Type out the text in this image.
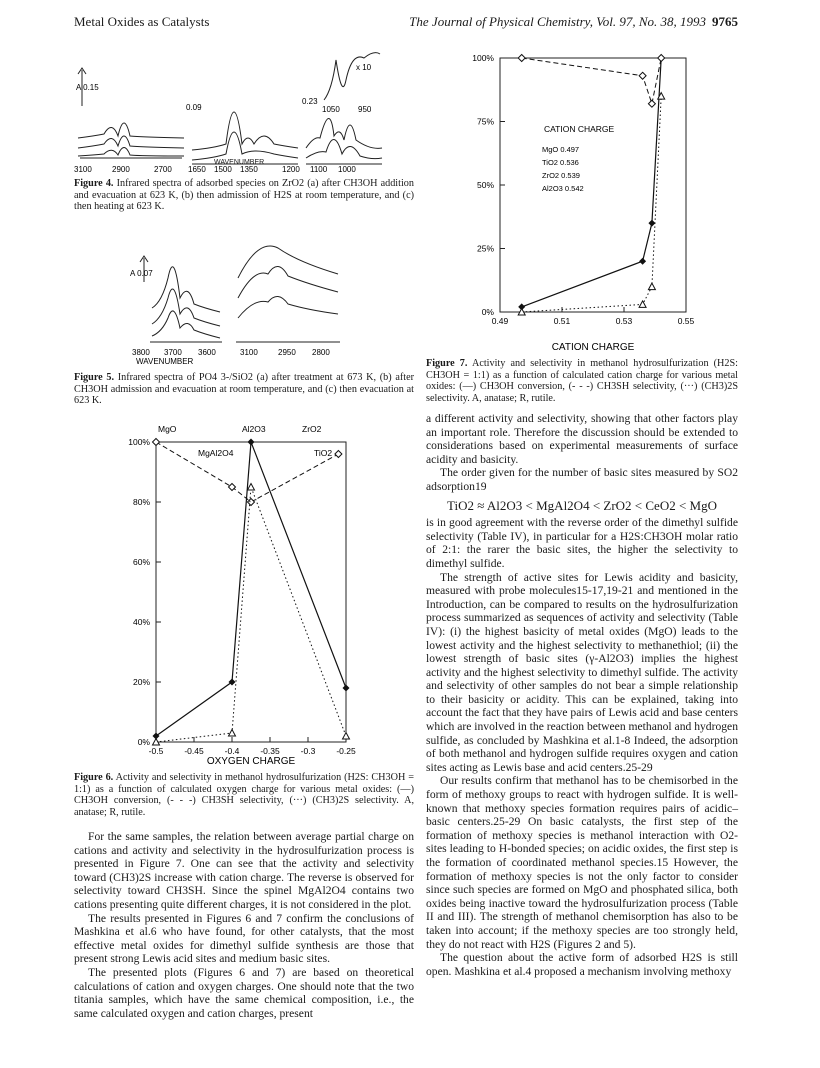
Metal Oxides as Catalysts	The Journal of Physical Chemistry, Vol. 97, No. 38, 1993 9765
A 0.15
0.09
0.23
x 10
3100	2900	2700 1650 1500 1350	1200 1100 1000
1050 950
WAVENUMBER
Figure 4. Infrared spectra of adsorbed species on ZrO2 (a) after CH3OH addition and evacuation at 623 K, (b) then admission of H2S at room temperature, and (c) then heating at 623 K.
A 0.07
3800 3700 3600	3100	2950 2800
WAVENUMBER
Figure 5. Infrared spectra of PO4 3-/SiO2 (a) after treatment at 673 K, (b) after CH3OH admission and evacuation at room temperature, and (c) then evacuation at 623 K.
0%
20%
40%
60%
80%
100%
-0.5 -0.45 -0.4 -0.35 -0.3 -0.25
OXYGEN CHARGE
MgO	Al2O3	ZrO2
MgAl2O4	TiO2
Figure 6. Activity and selectivity in methanol hydrosulfurization (H2S: CH3OH = 1:1) as a function of calculated oxygen charge for various metal oxides: (—) CH3OH conversion, (- - -) CH3SH selectivity, (···) (CH3)2S selectivity. A, anatase; R, rutile.

For the same samples, the relation between average partial charge on cations and activity and selectivity in the hydrosulfurization process is presented in Figure 7. One can see that the activity and selectivity toward (CH3)2S increase with cation charge. The reverse is observed for selectivity toward CH3SH. Since the spinel MgAl2O4 contains two cations presenting quite different charges, it is not considered in the plot.

The results presented in Figures 6 and 7 confirm the conclusions of Mashkina et al.6 who have found, for other catalysts, that the most effective metal oxides for dimethyl sulfide synthesis are those that present strong Lewis acid sites and medium basic sites.

The presented plots (Figures 6 and 7) are based on theoretical calculations of cation and oxygen charges. One should note that the two titania samples, which have the same chemical composition, i.e., the same calculated oxygen and cation charges, present

0%
25%
50%
75%
100%
0.49	0.51	0.53	0.55
CATION CHARGE
CATION CHARGE
MgO 0.497
TiO2 0.536
ZrO2 0.539
Al2O3 0.542
Figure 7. Activity and selectivity in methanol hydrosulfurization (H2S: CH3OH = 1:1) as a function of calculated cation charge for various metal oxides: (—) CH3OH conversion, (- - -) CH3SH selectivity, (···) (CH3)2S selectivity. A, anatase; R, rutile.

a different activity and selectivity, showing that other factors play an important role. Therefore the discussion should be extended to considerations based on experimental measurements of surface acidity and basicity.

The order given for the number of basic sites measured by SO2 adsorption19

TiO2 ≈ Al2O3 < MgAl2O4 < ZrO2 < CeO2 < MgO

is in good agreement with the reverse order of the dimethyl sulfide selectivity (Table IV), in particular for a H2S:CH3OH molar ratio of 2:1: the rarer the basic sites, the higher the selectivity to dimethyl sulfide.

The strength of active sites for Lewis acidity and basicity, measured with probe molecules15-17,19-21 and mentioned in the Introduction, can be compared to results on the hydrosulfurization process summarized as sequences of activity and selectivity (Table IV): (i) the highest basicity of metal oxides (MgO) leads to the lowest activity and the highest selectivity to methanethiol; (ii) the lowest strength of basic sites (γ-Al2O3) implies the highest activity and the highest selectivity to dimethyl sulfide. The activity and selectivity of other samples do not bear a simple relationship to their basicity or acidity. This can be explained, taking into account the fact that they have pairs of Lewis acid and base centers which are involved in the reaction between methanol and hydrogen sulfide, as concluded by Mashkina et al.1-8 Indeed, the adsorption of both methanol and hydrogen sulfide requires oxygen and cation sites acting as Lewis base and acid centers.25-29

Our results confirm that methanol has to be chemisorbed in the form of methoxy groups to react with hydrogen sulfide. It is well-known that methoxy species formation requires pairs of acidic–basic centers.25-29 On basic catalysts, the first step of the formation of methoxy species is methanol interaction with O2- sites leading to H-bonded species; on acidic oxides, the first step is the formation of coordinated methanol species.15 However, the formation of methoxy species is not the only factor to consider since such species are formed on MgO and phosphated silica, both oxides being inactive toward the hydrosulfurization process (Table II and III). The strength of methanol chemisorption has also to be taken into account; if the methoxy species are too strongly held, they do not react with H2S (Figures 2 and 5).

The question about the active form of adsorbed H2S is still open. Mashkina et al.4 proposed a mechanism involving methoxy
